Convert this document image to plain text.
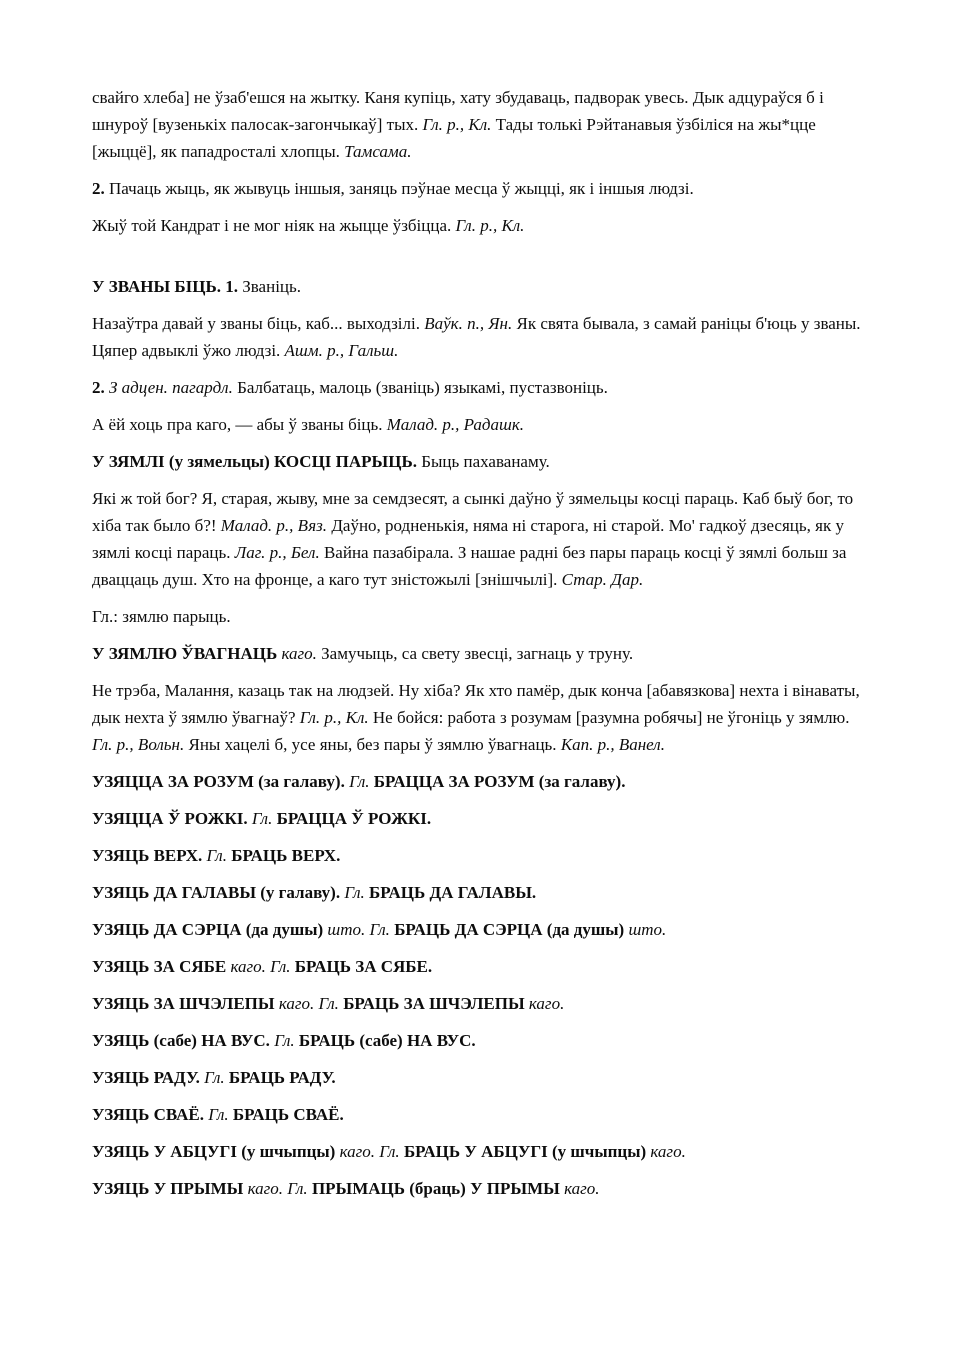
свайго хлеба] не ўзаб'ешся на жытку. Каня купіць, хату збудаваць, падворак увесь. Дык адцураўся б і шнуроў [вузенькіх палосак-загончыкаў] тых. Гл. р., Кл. Тады толькі Рэйтанавыя ўзбіліся на жы*цце [жыццё], як пападросталі хлопцы. Тамсама.

2. Пачаць жыць, як жывуць іншыя, заняць пэўнае месца ў жыцці, як і іншыя людзі.

Жыў той Кандрат і не мог ніяк на жыцце ўзбіцца. Гл. р., Кл.

У ЗВАНЫ БІЦЬ. 1. Званіць.

Назаўтра давай у званы біць, каб... выходзілі. Ваўк. п., Ян. Як свята бывала, з самай раніцы б'юць у званы. Цяпер адвыклі ўжо людзі. Ашм. р., Гальш.

2. З адцен. пагардл. Балбатаць, малоць (званіць) языкамі, пустазвоніць.

А ёй хоць пра каго, — абы ў званы біць. Малад. р., Радашк.

У ЗЯМЛІ (у зямельцы) КОСЦІ ПАРЫЦЬ. Быць пахаванаму.

Які ж той бог? Я, старая, жыву, мне за семдзесят, а сынкі даўно ў зямельцы косці параць. Каб быў бог, то хіба так было б?! Малад. р., Вяз. Даўно, родненькія, няма ні старога, ні старой. Мо' гадкоў дзесяць, як у зямлі косці параць. Лаг. р., Бел. Вайна пазабірала. З нашае радні без пары параць косці ў зямлі больш за дваццаць душ. Хто на фронце, а каго тут зністожылі [знішчылі]. Стар. Дар.

Гл.: зямлю парыць.

У ЗЯМЛЮ ЎВАГНАЦЬ каго. Замучыць, са свету звесці, загнаць у труну.

Не трэба, Малання, казаць так на людзей. Ну хіба? Як хто памёр, дык конча [абавязкова] нехта і вінаваты, дык нехта ў зямлю ўвагнаў? Гл. р., Кл. Не бойся: работа з розумам [разумна робячы] не ўгоніць у зямлю. Гл. р., Вольн. Яны хацелі б, усе яны, без пары ў зямлю ўвагнаць. Кап. р., Ванел.

УЗЯЦЦА ЗА РОЗУМ (за галаву). Гл. БРАЦЦА ЗА РОЗУМ (за галаву).

УЗЯЦЦА Ў РОЖКІ. Гл. БРАЦЦА Ў РОЖКІ.

УЗЯЦЬ ВЕРХ. Гл. БРАЦЬ ВЕРХ.

УЗЯЦЬ ДА ГАЛАВЫ (у галаву). Гл. БРАЦЬ ДА ГАЛАВЫ.

УЗЯЦЬ ДА СЭРЦА (да душы) што. Гл. БРАЦЬ ДА СЭРЦА (да душы) што.

УЗЯЦЬ ЗА СЯБЕ каго. Гл. БРАЦЬ ЗА СЯБЕ.

УЗЯЦЬ ЗА ШЧЭЛЕПЫ каго. Гл. БРАЦЬ ЗА ШЧЭЛЕПЫ каго.

УЗЯЦЬ (сабе) НА ВУС. Гл. БРАЦЬ (сабе) НА ВУС.

УЗЯЦЬ РАДУ. Гл. БРАЦЬ РАДУ.

УЗЯЦЬ СВАЁ. Гл. БРАЦЬ СВАЁ.

УЗЯЦЬ У АБЦУГІ (у шчыпцы) каго. Гл. БРАЦЬ У АБЦУГІ (у шчыпцы) каго.

УЗЯЦЬ У ПРЫМЫ каго. Гл. ПРЫМАЦЬ (браць) У ПРЫМЫ каго.
